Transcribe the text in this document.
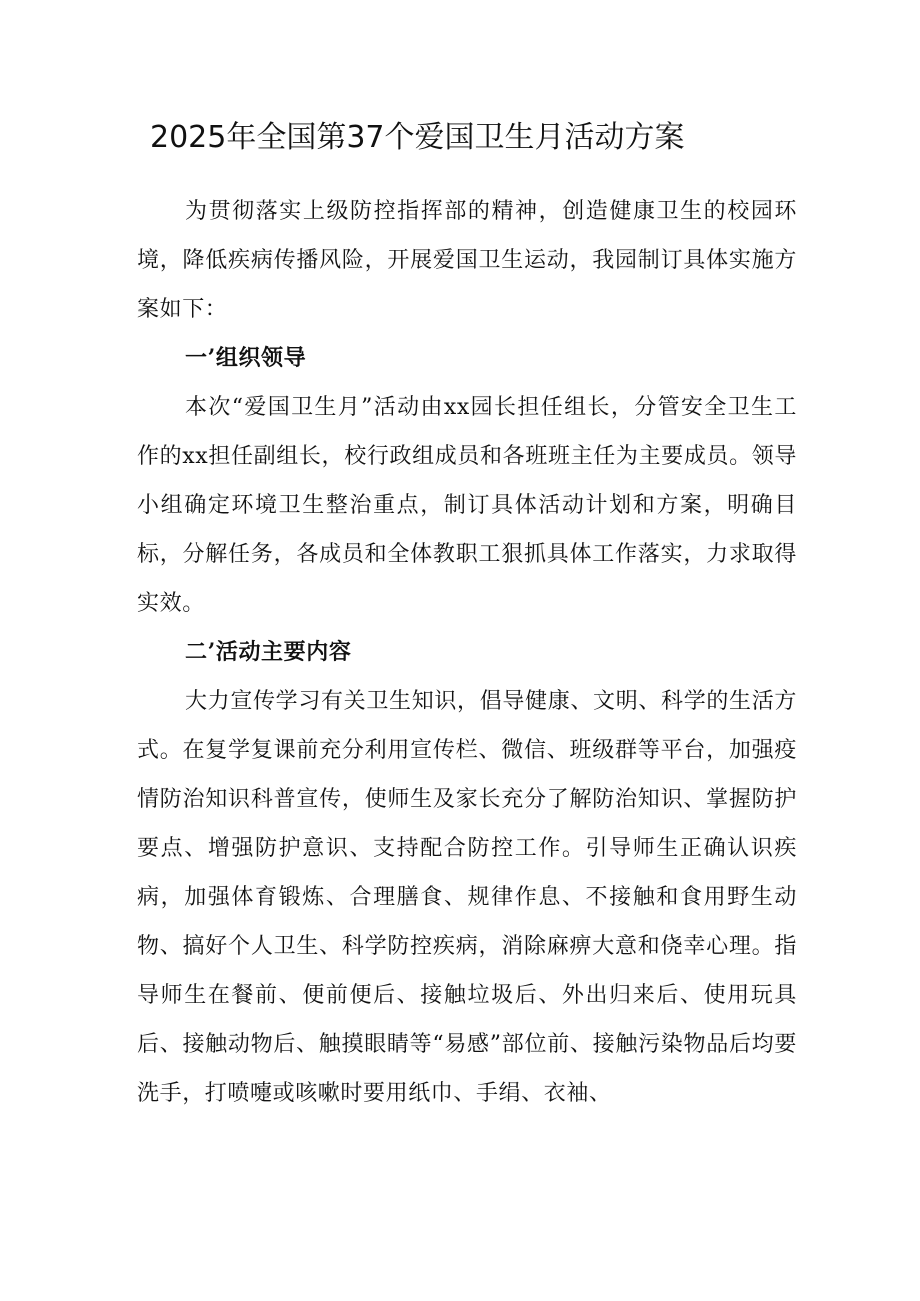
2025年全国第37个爱国卫生月活动方案

为贯彻落实上级防控指挥部的精神，创造健康卫生的校园环境，降低疾病传播风险，开展爱国卫生运动，我园制订具体实施方案如下：

一’组织领导

本次“爱国卫生月”活动由xx园长担任组长，分管安全卫生工作的xx担任副组长，校行政组成员和各班班主任为主要成员。领导小组确定环境卫生整治重点，制订具体活动计划和方案，明确目标，分解任务，各成员和全体教职工狠抓具体工作落实，力求取得实效。

二’活动主要内容

大力宣传学习有关卫生知识，倡导健康、文明、科学的生活方式。在复学复课前充分利用宣传栏、微信、班级群等平台，加强疫情防治知识科普宣传，使师生及家长充分了解防治知识、掌握防护要点、增强防护意识、支持配合防控工作。引导师生正确认识疾病，加强体育锻炼、合理膳食、规律作息、不接触和食用野生动物、搞好个人卫生、科学防控疾病，消除麻痹大意和侥幸心理。指导师生在餐前、便前便后、接触垃圾后、外出归来后、使用玩具后、接触动物后、触摸眼睛等“易感”部位前、接触污染物品后均要洗手，打喷嚏或咳嗽时要用纸巾、手绢、衣袖、
